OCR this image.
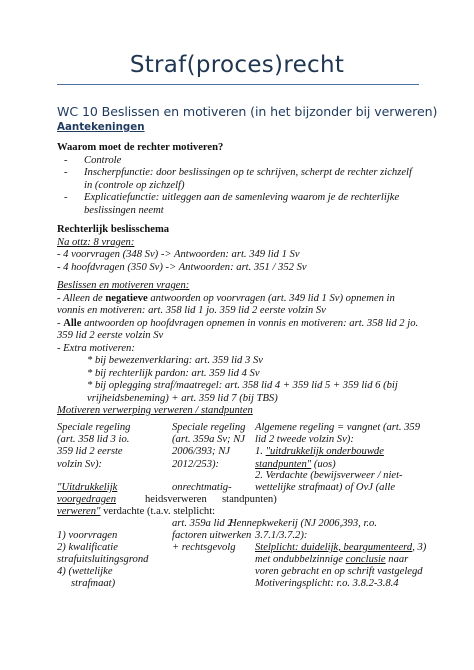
Straf(proces)recht
WC 10 Beslissen en motiveren (in het bijzonder bij verweren)
Aantekeningen
Waarom moet de rechter motiveren?
- Controle
- Inscherpfunctie: door beslissingen op te schrijven, scherpt de rechter zichzelf in (controle op zichzelf)
- Explicatiefunctie: uitleggen aan de samenleving waarom je de rechterlijke beslissingen neemt
Rechterlijk beslisschema
Na ottz: 8 vragen:
- 4 voorvragen (348 Sv) -> Antwoorden: art. 349 lid 1 Sv
- 4 hoofdvragen (350 Sv) -> Antwoorden: art. 351 / 352 Sv
Beslissen en motiveren vragen:
- Alleen de negatieve antwoorden op voorvragen (art. 349 lid 1 Sv) opnemen in vonnis en motiveren: art. 358 lid 1 jo. 359 lid 2 eerste volzin Sv
- Alle antwoorden op hoofdvragen opnemen in vonnis en motiveren: art. 358 lid 2 jo. 359 lid 2 eerste volzin Sv
- Extra motiveren:
* bij bewezenverklaring: art. 359 lid 3 Sv
* bij rechterlijk pardon: art. 359 lid 4 Sv
* bij oplegging straf/maatregel: art. 358 lid 4 + 359 lid 5 + 359 lid 6 (bij vrijheidsbeneming) + art. 359 lid 7 (bij TBS)
Motiveren verwerping verweren / standpunten
Speciale regeling
(art. 358 lid 3 io.
359 lid 2 eerste
volzin Sv):
"Uitdrukkelijk
voorgedragen
verweren" verdachte (t.a.v. stelplicht:
1) voorvragen
2) kwalificatie
strafuitsluitingsgrond
4) (wettelijke
strafmaat)
Speciale regeling
(art. 359a Sv; NJ
2006/393; NJ
2012/253):
onrechtmatig-
heidsverweren standpunten)
art. 359a lid 2
factoren uitwerken
+ rechtsgevolg
Algemene regeling = vangnet (art. 359
lid 2 tweede volzin Sv):
1. "uitdrukkelijk onderbouwde
standpunten" (uos)
2. Verdachte (bewijsverweer / niet-
wettelijke strafmaat) of OvJ (alle
Hennepkwekerij (NJ 2006,393, r.o.
3.7.1/3.7.2):
Stelplicht: duidelijk, beargumenteerd, 3)
met ondubbelzinnige conclusie naar
voren gebracht en op schrift vastgelegd
Motiveringsplicht: r.o. 3.8.2-3.8.4
